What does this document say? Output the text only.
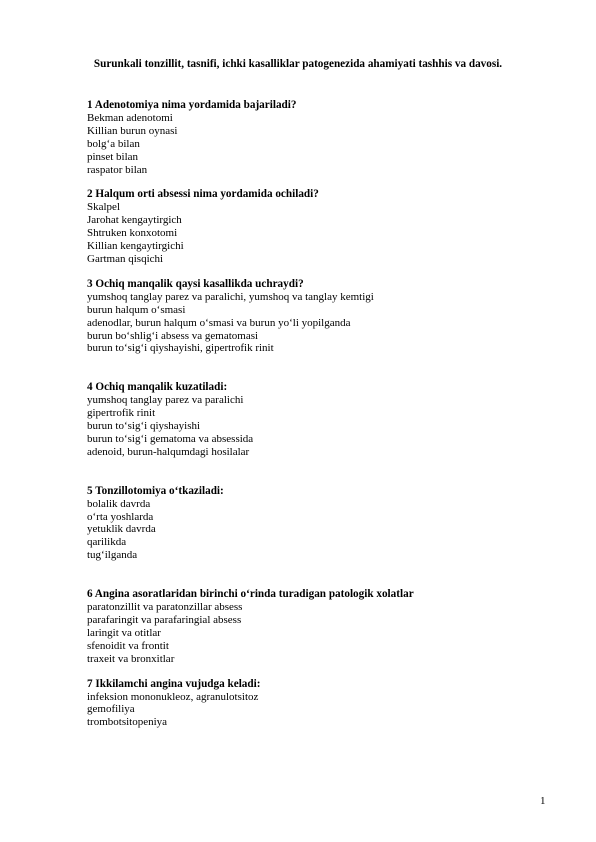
Surunkali tonzillit, tasnifi, ichki kasalliklar patogenezida ahamiyati tashhis va davosi.
1 Adenotomiya nima yordamida bajariladi?
Bekman adenotomi
Killian burun oynasi
bolg‘a bilan
pinset bilan
raspator bilan
2 Halqum orti absessi nima yordamida ochiladi?
Skalpel
Jarohat kengaytirgich
Shtruken konxotomi
Killian kengaytirgichi
Gartman qisqichi
3 Ochiq manqalik qaysi kasallikda uchraydi?
yumshoq tanglay parez va paralichi, yumshoq va tanglay kemtigi
burun halqum o‘smasi
adenodlar, burun halqum o‘smasi va burun yo‘li yopilganda
burun bo‘shlig‘i absess va gematomasi
burun to‘sig‘i qiyshayishi, gipertrofik rinit
4 Ochiq manqalik kuzatiladi:
yumshoq tanglay parez va paralichi
gipertrofik rinit
burun to‘sig‘i qiyshayishi
burun to‘sig‘i gematoma va absessida
adenoid, burun-halqumdagi hosilalar
5 Tonzillotomiya o‘tkaziladi:
bolalik davrda
o‘rta yoshlarda
yetuklik davrda
qarilikda
tug‘ilganda
6 Angina asoratlaridan birinchi o‘rinda turadigan patologik xolatlar
paratonzillit va paratonzillar absess
parafaringit va parafaringial absess
laringit va otitlar
sfenoidit va frontit
traxeit va bronxitlar
7 Ikkilamchi angina vujudga keladi:
infeksion mononukleoz, agranulotsitoz
gemofiliya
trombotsitopeniya
1
